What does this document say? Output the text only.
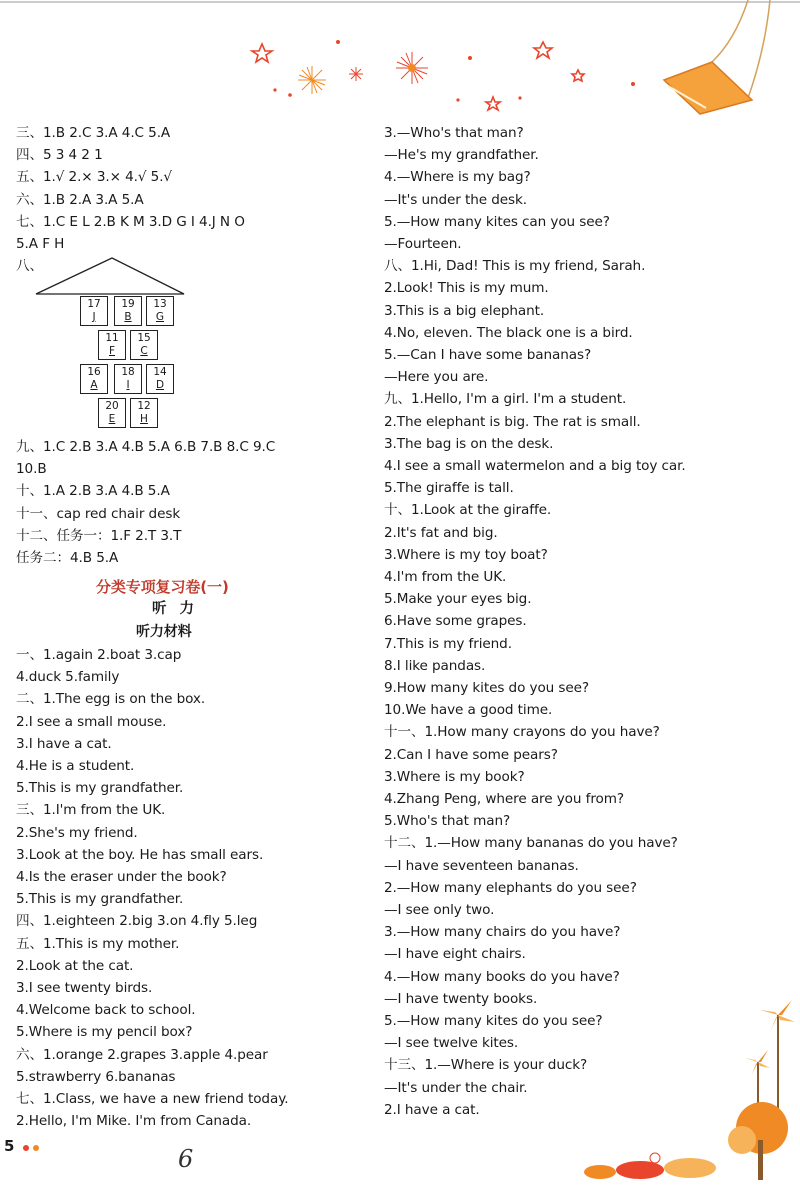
三、1.B 2.C 3.A 4.C 5.A
四、5 3 4 2 1
五、1.√ 2.× 3.× 4.√ 5.√
六、1.B 2.A 3.A 5.A
七、1.C E L 2.B K M 3.D G I 4.J N O
5.A F H
八、
17
J
19
B
13
G
11
F
15
C
16
A
18
I
14
D
20
E
12
H
九、1.C 2.B 3.A 4.B 5.A 6.B 7.B 8.C 9.C
10.B
十、1.A 2.B 3.A 4.B 5.A
十一、cap red chair desk
十二、任务一：1.F 2.T 3.T
任务二：4.B 5.A
分类专项复习卷(一)
听 力
听力材料
一、1.again 2.boat 3.cap
4.duck 5.family
二、1.The egg is on the box.
2.I see a small mouse.
3.I have a cat.
4.He is a student.
5.This is my grandfather.
三、1.I'm from the UK.
2.She's my friend.
3.Look at the boy. He has small ears.
4.Is the eraser under the book?
5.This is my grandfather.
四、1.eighteen 2.big 3.on 4.fly 5.leg
五、1.This is my mother.
2.Look at the cat.
3.I see twenty birds.
4.Welcome back to school.
5.Where is my pencil box?
六、1.orange 2.grapes 3.apple 4.pear
5.strawberry 6.bananas
七、1.Class, we have a new friend today.
2.Hello, I'm Mike. I'm from Canada.
3.—Who's that man?
—He's my grandfather.
4.—Where is my bag?
—It's under the desk.
5.—How many kites can you see?
—Fourteen.
八、1.Hi, Dad! This is my friend, Sarah.
2.Look! This is my mum.
3.This is a big elephant.
4.No, eleven. The black one is a bird.
5.—Can I have some bananas?
—Here you are.
九、1.Hello, I'm a girl. I'm a student.
2.The elephant is big. The rat is small.
3.The bag is on the desk.
4.I see a small watermelon and a big toy car.
5.The giraffe is tall.
十、1.Look at the giraffe.
2.It's fat and big.
3.Where is my toy boat?
4.I'm from the UK.
5.Make your eyes big.
6.Have some grapes.
7.This is my friend.
8.I like pandas.
9.How many kites do you see?
10.We have a good time.
十一、1.How many crayons do you have?
2.Can I have some pears?
3.Where is my book?
4.Zhang Peng, where are you from?
5.Who's that man?
十二、1.—How many bananas do you have?
—I have seventeen bananas.
2.—How many elephants do you see?
—I see only two.
3.—How many chairs do you have?
—I have eight chairs.
4.—How many books do you have?
—I have twenty books.
5.—How many kites do you see?
—I see twelve kites.
十三、1.—Where is your duck?
—It's under the chair.
2.I have a cat.
5	6
